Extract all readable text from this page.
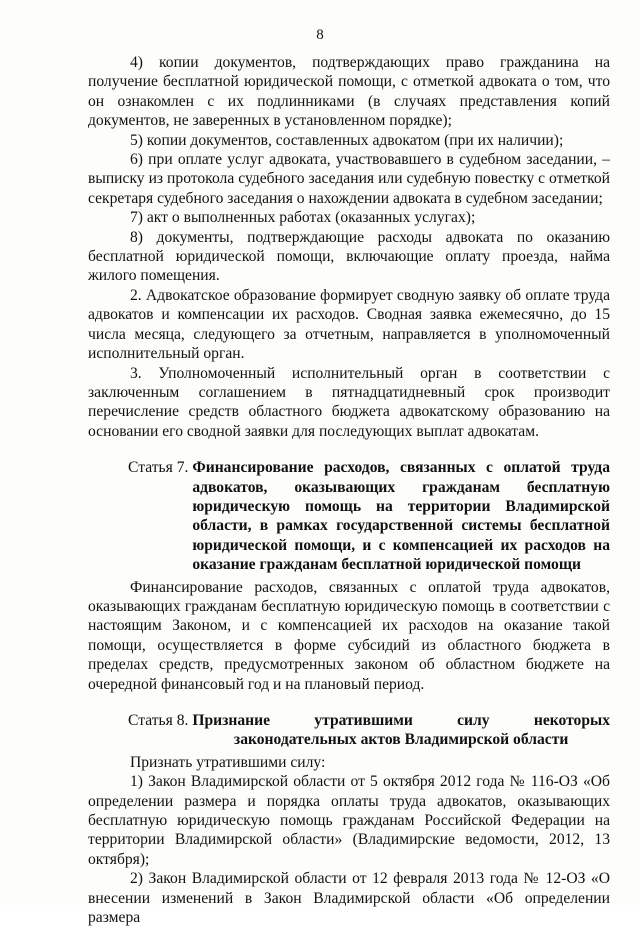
8

4) копии документов, подтверждающих право гражданина на получение бесплатной юридической помощи, с отметкой адвоката о том, что он ознакомлен с их подлинниками (в случаях представления копий документов, не заверенных в установленном порядке);

5) копии документов, составленных адвокатом (при их наличии);

6) при оплате услуг адвоката, участвовавшего в судебном заседании, – выписку из протокола судебного заседания или судебную повестку с отметкой секретаря судебного заседания о нахождении адвоката в судебном заседании;

7) акт о выполненных работах (оказанных услугах);

8) документы, подтверждающие расходы адвоката по оказанию бесплатной юридической помощи, включающие оплату проезда, найма жилого помещения.

2. Адвокатское образование формирует сводную заявку об оплате труда адвокатов и компенсации их расходов. Сводная заявка ежемесячно, до 15 числа месяца, следующего за отчетным, направляется в уполномоченный исполнительный орган.

3. Уполномоченный исполнительный орган в соответствии с заключенным соглашением в пятнадцатидневный срок производит перечисление средств областного бюджета адвокатскому образованию на основании его сводной заявки для последующих выплат адвокатам.

Статья 7. Финансирование расходов, связанных с оплатой труда адвокатов, оказывающих гражданам бесплатную юридическую помощь на территории Владимирской области, в рамках государственной системы бесплатной юридической помощи, и с компенсацией их расходов на оказание гражданам бесплатной юридической помощи

Финансирование расходов, связанных с оплатой труда адвокатов, оказывающих гражданам бесплатную юридическую помощь в соответствии с настоящим Законом, и с компенсацией их расходов на оказание такой помощи, осуществляется в форме субсидий из областного бюджета в пределах средств, предусмотренных законом об областном бюджете на очередной финансовый год и на плановый период.

Статья 8. Признание утратившими силу некоторых законодательных актов Владимирской области

Признать утратившими силу:

1) Закон Владимирской области от 5 октября 2012 года № 116-ОЗ «Об определении размера и порядка оплаты труда адвокатов, оказывающих бесплатную юридическую помощь гражданам Российской Федерации на территории Владимирской области» (Владимирские ведомости, 2012, 13 октября);

2) Закон Владимирской области от 12 февраля 2013 года № 12-ОЗ «О внесении изменений в Закон Владимирской области «Об определении размера
